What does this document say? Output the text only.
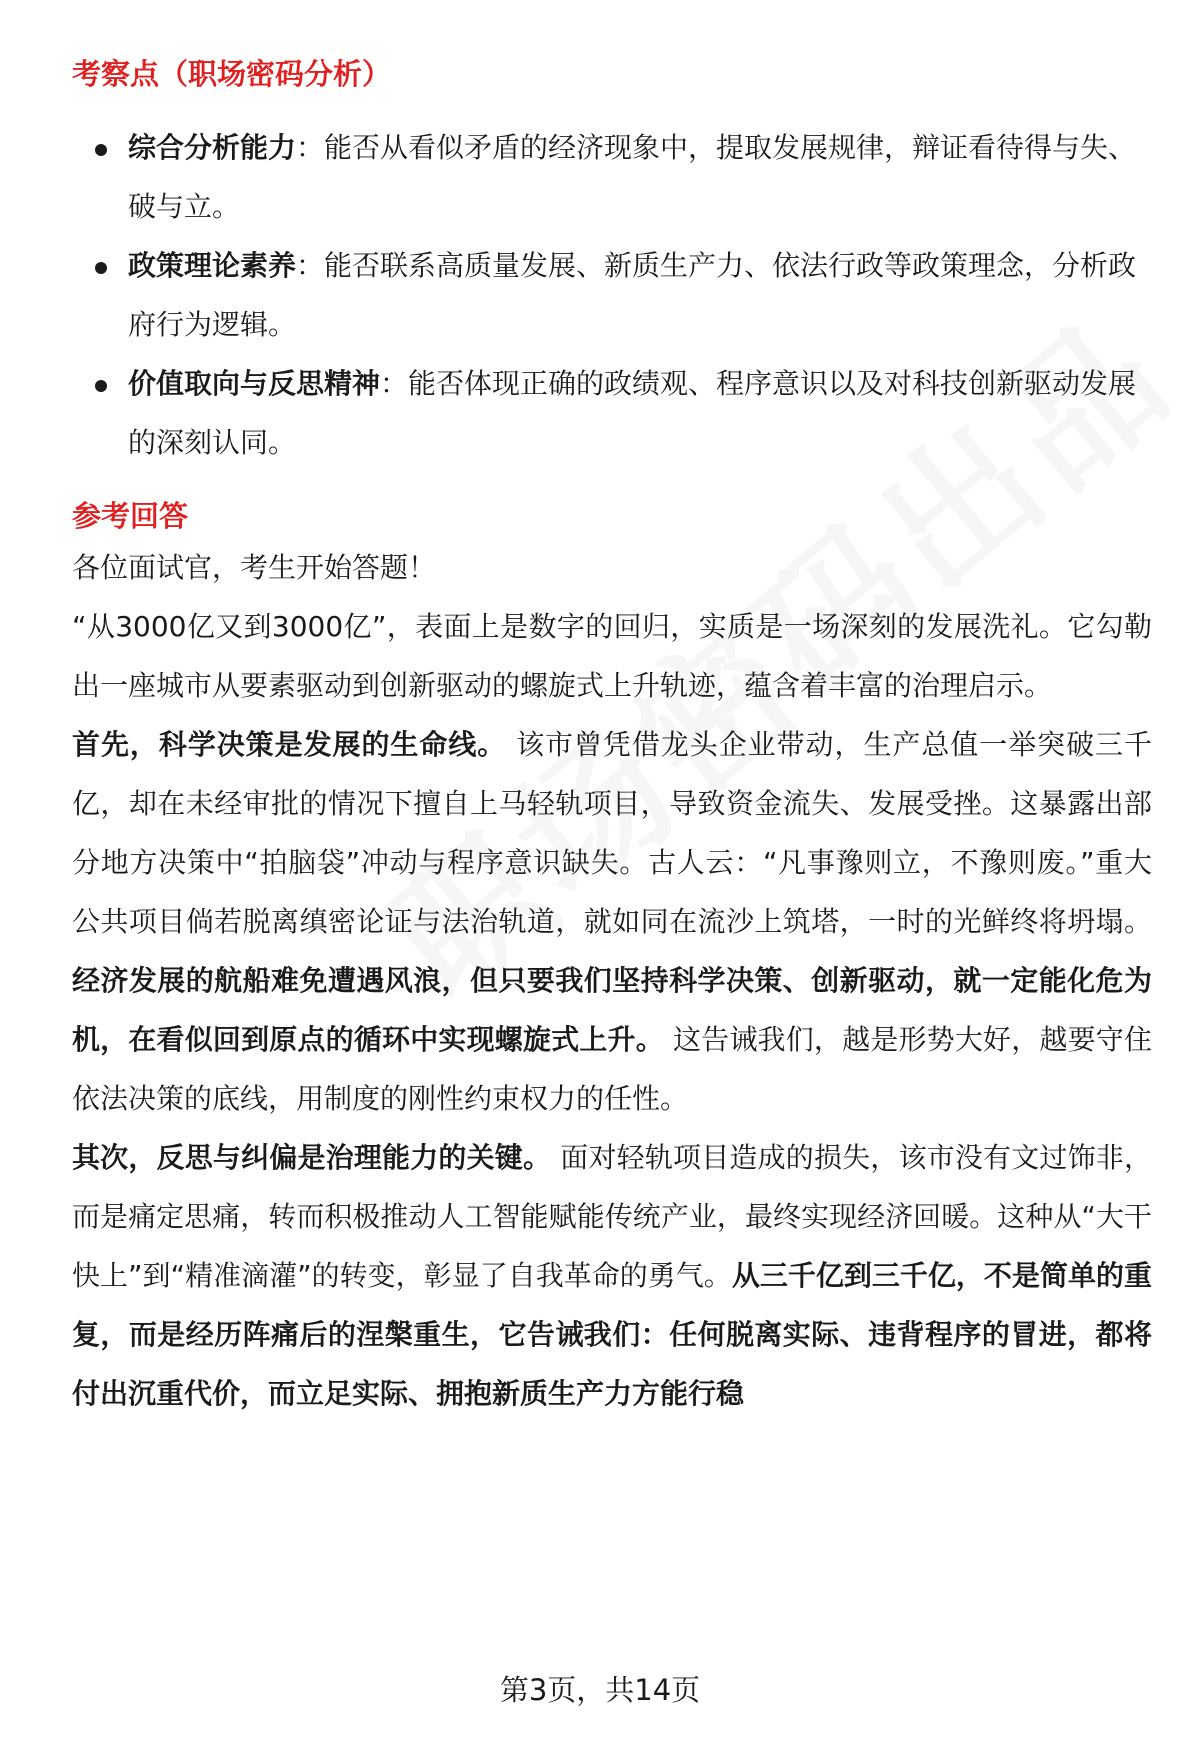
考察点（职场密码分析）
综合分析能力：能否从看似矛盾的经济现象中，提取发展规律，辩证看待得与失、破与立。
政策理论素养：能否联系高质量发展、新质生产力、依法行政等政策理念，分析政府行为逻辑。
价值取向与反思精神：能否体现正确的政绩观、程序意识以及对科技创新驱动发展的深刻认同。
参考回答

各位面试官，考生开始答题！

“从3000亿又到3000亿”，表面上是数字的回归，实质是一场深刻的发展洗礼。它勾勒出一座城市从要素驱动到创新驱动的螺旋式上升轨迹，蕴含着丰富的治理启示。

首先，科学决策是发展的生命线。 该市曾凭借龙头企业带动，生产总值一举突破三千亿，却在未经审批的情况下擅自上马轻轨项目，导致资金流失、发展受挫。这暴露出部分地方决策中“拍脑袋”冲动与程序意识缺失。古人云：“凡事豫则立，不豫则废。”重大公共项目倘若脱离缜密论证与法治轨道，就如同在流沙上筑塔，一时的光鲜终将坍塌。经济发展的航船难免遭遇风浪，但只要我们坚持科学决策、创新驱动，就一定能化危为机，在看似回到原点的循环中实现螺旋式上升。 这告诫我们，越是形势大好，越要守住依法决策的底线，用制度的刚性约束权力的任性。

其次，反思与纠偏是治理能力的关键。 面对轻轨项目造成的损失，该市没有文过饰非，而是痛定思痛，转而积极推动人工智能赋能传统产业，最终实现经济回暖。这种从“大干快上”到“精准滴灌”的转变，彰显了自我革命的勇气。从三千亿到三千亿，不是简单的重复，而是经历阵痛后的涅槃重生，它告诫我们：任何脱离实际、违背程序的冒进，都将付出沉重代价，而立足实际、拥抱新质生产力方能行稳

第3页，共14页
